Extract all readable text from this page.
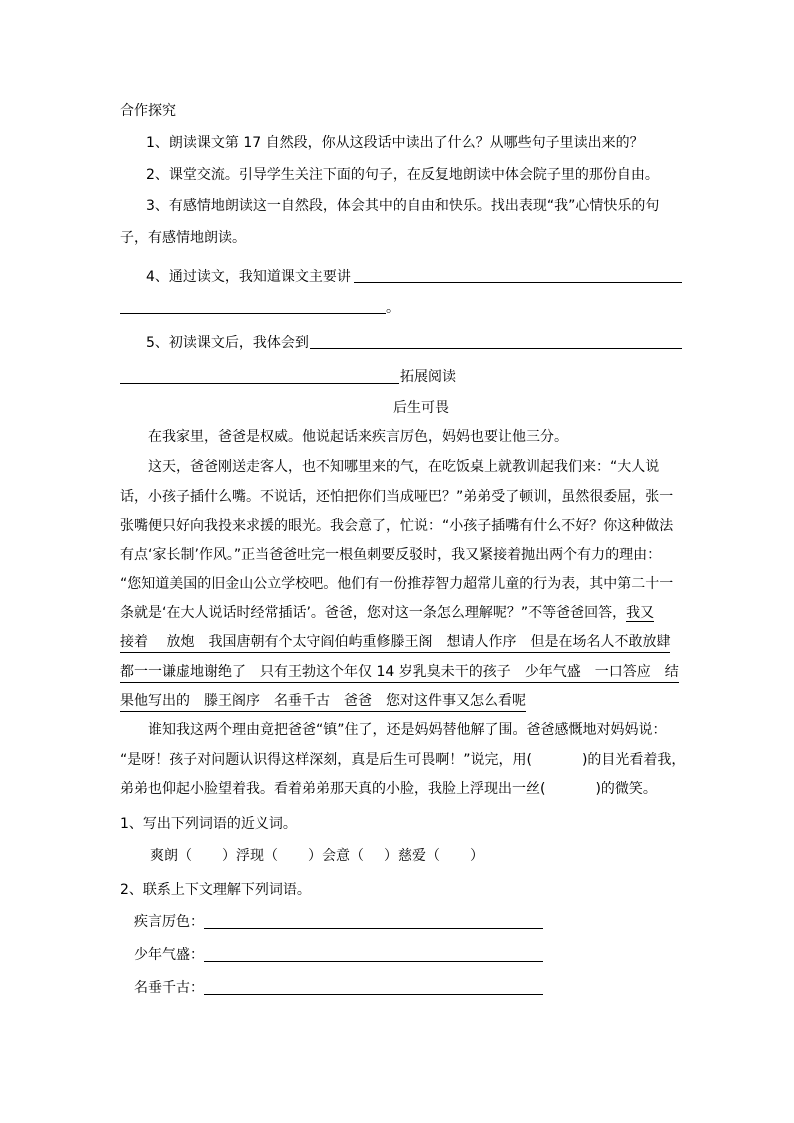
合作探究
1、朗读课文第 17 自然段，你从这段话中读出了什么？从哪些句子里读出来的？
2、课堂交流。引导学生关注下面的句子，在反复地朗读中体会院子里的那份自由。
3、有感情地朗读这一自然段，体会其中的自由和快乐。找出表现“我”心情快乐的句
子，有感情地朗读。
4、通过读文，我知道课文主要讲
。
5、初读课文后，我体会到
拓展阅读
后生可畏
在我家里，爸爸是权威。他说起话来疾言厉色，妈妈也要让他三分。
这天，爸爸刚送走客人，也不知哪里来的气，在吃饭桌上就教训起我们来：“大人说
话，小孩子插什么嘴。不说话，还怕把你们当成哑巴？”弟弟受了顿训，虽然很委屈，张一
张嘴便只好向我投来求援的眼光。我会意了，忙说：“小孩子插嘴有什么不好？你这种做法
有点‘家长制’作风。”正当爸爸吐完一根鱼刺要反驳时，我又紧接着抛出两个有力的理由：
“您知道美国的旧金山公立学校吧。他们有一份推荐智力超常儿童的行为表，其中第二十一
条就是‘在大人说话时经常插话’。爸爸，您对这一条怎么理解呢？”不等爸爸回答，我又
接着　 放炮　我国唐朝有个太守阎伯屿重修滕王阁　想请人作序　但是在场名人不敢放肆
都一一谦虚地谢绝了　只有王勃这个年仅 14 岁乳臭未干的孩子　少年气盛　一口答应　结
果他写出的　滕王阁序　名垂千古　爸爸　您对这件事又怎么看呢
谁知我这两个理由竟把爸爸“镇”住了，还是妈妈替他解了围。爸爸感慨地对妈妈说：
“是呀！孩子对问题认识得这样深刻，真是后生可畏啊！”说完，用(	)的目光看着我，
弟弟也仰起小脸望着我。看着弟弟那天真的小脸，我脸上浮现出一丝(	)的微笑。
1、写出下列词语的近义词。
爽朗（ ）浮现（ ）会意（ ）慈爱（ ）
2、联系上下文理解下列词语。
疾言厉色：
少年气盛：
名垂千古：
